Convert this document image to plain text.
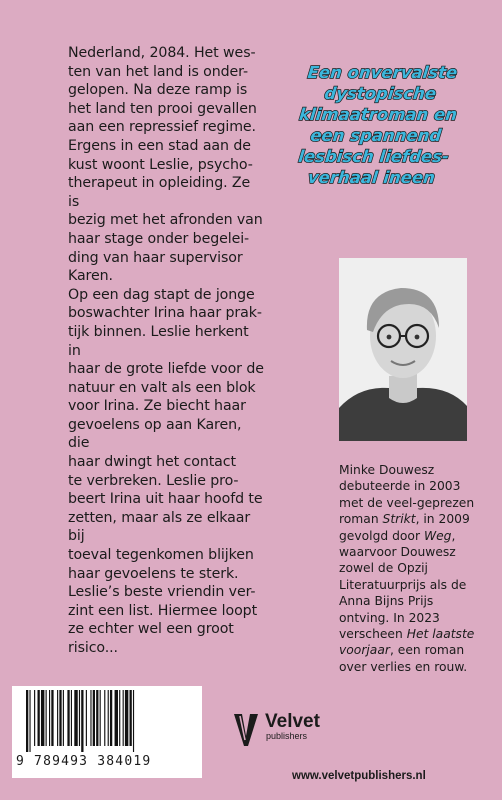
Nederland, 2084. Het wes-
ten van het land is onder-
gelopen. Na deze ramp is
het land ten prooi gevallen
aan een repressief regime.
Ergens in een stad aan de
kust woont Leslie, psycho-
therapeut in opleiding. Ze is
bezig met het afronden van
haar stage onder begelei-
ding van haar supervisor
Karen.

Op een dag stapt de jonge
boswachter Irina haar prak-
tijk binnen. Leslie herkent in
haar de grote liefde voor de
natuur en valt als een blok
voor Irina. Ze biecht haar
gevoelens op aan Karen, die
haar dwingt het contact
te verbreken. Leslie pro-
beert Irina uit haar hoofd te
zetten, maar als ze elkaar bij
toeval tegenkomen blijken
haar gevoelens te sterk.
Leslie’s beste vriendin ver-
zint een list. Hiermee loopt
ze echter wel een groot
risico...

Een onvervalste
dystopische
klimaatroman en
een spannend
lesbisch liefdes-
verhaal ineen

Minke Douwesz debuteerde in 2003 met de veel-geprezen roman Strikt, in 2009 gevolgd door Weg, waarvoor Douwesz zowel de Opzij Literatuurprijs als de Anna Bijns Prijs ontving. In 2023 verscheen Het laatste voorjaar, een roman over verlies en rouw.

9 789493 384019
Velvet
publishers
www.velvetpublishers.nl
